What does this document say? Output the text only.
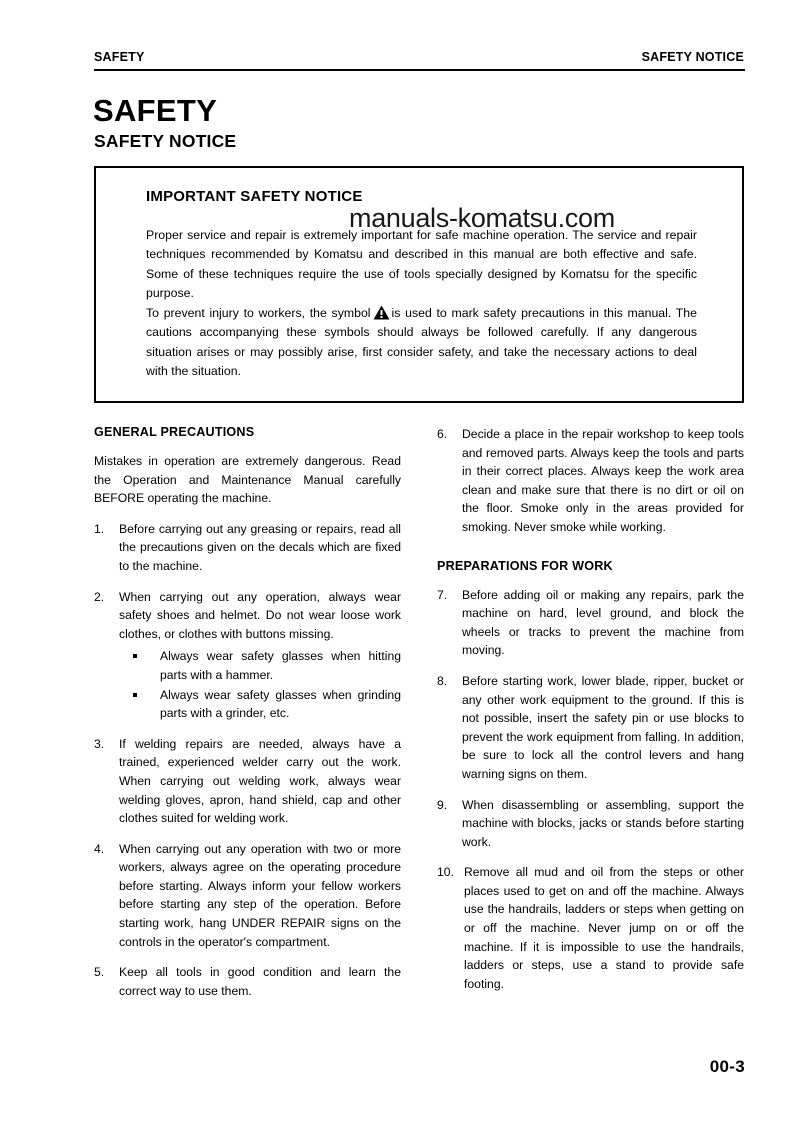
SAFETY	SAFETY NOTICE
SAFETY
SAFETY NOTICE
IMPORTANT SAFETY NOTICE
Proper service and repair is extremely important for safe machine operation. The service and repair techniques recommended by Komatsu and described in this manual are both effective and safe. Some of these techniques require the use of tools specially designed by Komatsu for the specific purpose.
To prevent injury to workers, the symbol is used to mark safety precautions in this manual. The cautions accompanying these symbols should always be followed carefully. If any dangerous situation arises or may possibly arise, first consider safety, and take the necessary actions to deal with the situation.
manuals-komatsu.com
GENERAL PRECAUTIONS

Mistakes in operation are extremely dangerous. Read the Operation and Maintenance Manual carefully BEFORE operating the machine.

1.	Before carrying out any greasing or repairs, read all the precautions given on the decals which are fixed to the machine.
2.	When carrying out any operation, always wear safety shoes and helmet. Do not wear loose work clothes, or clothes with buttons missing.
Always wear safety glasses when hitting parts with a hammer.
Always wear safety glasses when grinding parts with a grinder, etc.
3.	If welding repairs are needed, always have a trained, experienced welder carry out the work. When carrying out welding work, always wear welding gloves, apron, hand shield, cap and other clothes suited for welding work.
4.	When carrying out any operation with two or more workers, always agree on the operating procedure before starting. Always inform your fellow workers before starting any step of the operation. Before starting work, hang UNDER REPAIR signs on the controls in the operator's compartment.
5.	Keep all tools in good condition and learn the correct way to use them.
6.	Decide a place in the repair workshop to keep tools and removed parts. Always keep the tools and parts in their correct places. Always keep the work area clean and make sure that there is no dirt or oil on the floor. Smoke only in the areas provided for smoking. Never smoke while working.
PREPARATIONS FOR WORK
7.	Before adding oil or making any repairs, park the machine on hard, level ground, and block the wheels or tracks to prevent the machine from moving.
8.	Before starting work, lower blade, ripper, bucket or any other work equipment to the ground. If this is not possible, insert the safety pin or use blocks to prevent the work equipment from falling. In addition, be sure to lock all the control levers and hang warning signs on them.
9.	When disassembling or assembling, support the machine with blocks, jacks or stands before starting work.
10. Remove all mud and oil from the steps or other places used to get on and off the machine. Always use the handrails, ladders or steps when getting on or off the machine. Never jump on or off the machine. If it is impossible to use the handrails, ladders or steps, use a stand to provide safe footing.
00-3
